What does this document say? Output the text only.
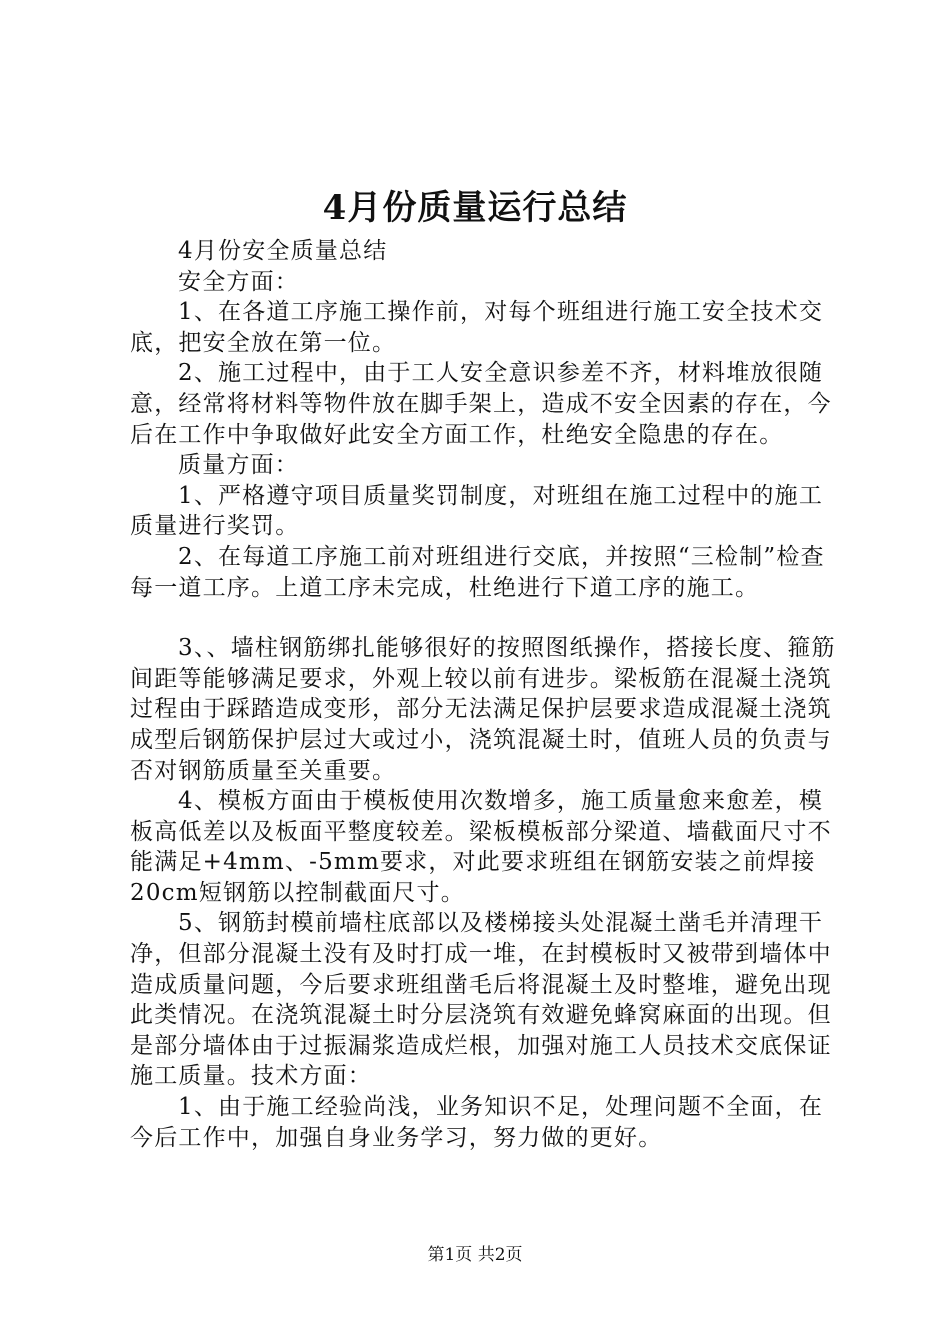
4月份质量运行总结

4月份安全质量总结

安全方面：

1、在各道工序施工操作前，对每个班组进行施工安全技术交底，把安全放在第一位。

2、施工过程中，由于工人安全意识参差不齐，材料堆放很随意，经常将材料等物件放在脚手架上，造成不安全因素的存在，今后在工作中争取做好此安全方面工作，杜绝安全隐患的存在。

质量方面：

1、严格遵守项目质量奖罚制度，对班组在施工过程中的施工质量进行奖罚。

2、在每道工序施工前对班组进行交底，并按照“三检制”检查每一道工序。上道工序未完成，杜绝进行下道工序的施工。

3、、墙柱钢筋绑扎能够很好的按照图纸操作，搭接长度、箍筋间距等能够满足要求，外观上较以前有进步。梁板筋在混凝土浇筑过程由于踩踏造成变形，部分无法满足保护层要求造成混凝土浇筑成型后钢筋保护层过大或过小，浇筑混凝土时，值班人员的负责与否对钢筋质量至关重要。

4、模板方面由于模板使用次数增多，施工质量愈来愈差，模板高低差以及板面平整度较差。梁板模板部分梁道、墙截面尺寸不能满足+4mm、-5mm要求，对此要求班组在钢筋安装之前焊接20cm短钢筋以控制截面尺寸。

5、钢筋封模前墙柱底部以及楼梯接头处混凝土凿毛并清理干净，但部分混凝土没有及时打成一堆，在封模板时又被带到墙体中造成质量问题，今后要求班组凿毛后将混凝土及时整堆，避免出现此类情况。在浇筑混凝土时分层浇筑有效避免蜂窝麻面的出现。但是部分墙体由于过振漏浆造成烂根，加强对施工人员技术交底保证施工质量。技术方面：

1、由于施工经验尚浅，业务知识不足，处理问题不全面，在今后工作中，加强自身业务学习，努力做的更好。

第1页 共2页
